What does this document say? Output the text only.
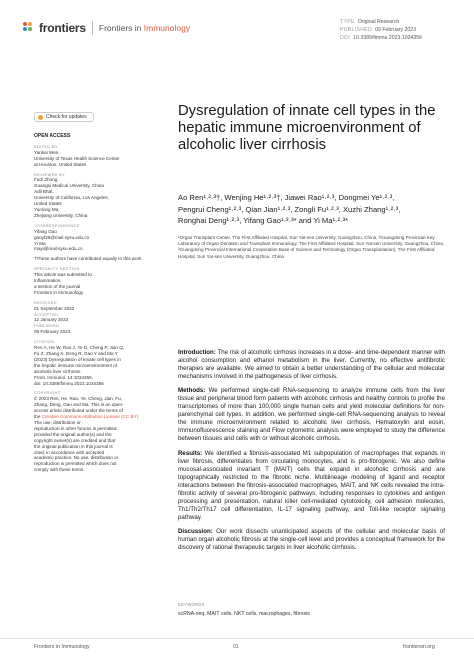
frontiers Frontiers in Immunology
TYPE Original Research
PUBLISHED 09 February 2023
DOI 10.3389/fimmu.2023.1034356
Check for updates
OPEN ACCESS
EDITED BY
Yankai Wen,
University of Texas Health Science Center
at Houston, United States
REVIEWED BY
Fudi Zhong,
Guangxi Medical University, China
Adil Bhat,
University of California, Los Angeles,
United States
Yunlong Ma,
Zhejiang University, China
*CORRESPONDENCE
Yifang Gao
gaoyf26@mail.sysu.edu.cn
Yi Ma
mayi@mail.sysu.edu.cn
†These authors have contributed equally to this work
SPECIALTY SECTION
This article was submitted to
Inflammation,
a section of the journal
Frontiers in Immunology
RECEIVED
01 September 2022
ACCEPTED
12 January 2023
PUBLISHED
09 February 2023
CITATION
Ren A, He W, Rao J, Ye D, Cheng P, Jian Q,
Fu Z, Zhang X, Deng R, Gao Y and Ma Y
(2023) Dysregulation of innate cell types in
the hepatic immune microenvironment of
alcoholic liver cirrhosis.
Front. Immunol. 14:1034356.
doi: 10.3389/fimmu.2023.1034356
COPYRIGHT
© 2023 Ren, He, Rao, Ye, Cheng, Jian, Fu,
Zhang, Deng, Gao and Ma. This is an open-
access article distributed under the terms of
the Creative Commons Attribution License (CC BY).
The use, distribution or
reproduction in other forums is permitted,
provided the original author(s) and the
copyright owner(s) are credited and that
the original publication in this journal is
cited, in accordance with accepted
academic practice. No use, distribution or
reproduction is permitted which does not
comply with these terms.
Dysregulation of innate cell types in the hepatic immune microenvironment of alcoholic liver cirrhosis
Ao Ren¹·²·³†, Wenjing He¹·²·³†, Jiawei Rao¹·²·³, Dongmei Ye¹·²·³,
Pengrui Cheng¹·²·³, Qian Jian¹·²·³, Zongli Fu¹·²·³, Xuzhi Zhang¹·²·³,
Ronghai Deng¹·²·³, Yifang Gao¹·²·³* and Yi Ma¹·²·³*
¹Organ Transplant Center, The First Affiliated Hospital, Sun Yat-sen University, Guangzhou, China, ²Guangdong Provincial Key Laboratory of Organ Donation and Transplant Immunology, The First Affiliated Hospital, Sun Yat-sen University, Guangzhou, China, ³Guangdong Provincial International Cooperation Base of Science and Technology (Organ Transplantation), The First Affiliated Hospital, Sun Yat-sen University, Guangzhou, China

Introduction: The risk of alcoholic cirrhosis increases in a dose- and time-dependent manner with alcohol consumption and ethanol metabolism in the liver. Currently, no effective antifibrotic therapies are available. We aimed to obtain a better understanding of the cellular and molecular mechanisms involved in the pathogenesis of liver cirrhosis.

Methods: We performed single-cell RNA-sequencing to analyze immune cells from the liver tissue and peripheral blood form patients with alcoholic cirrhosis and healthy controls to profile the transcriptomes of more than 100,000 single human cells and yield molecular definitions for non-parenchymal cell types. In addition, we performed single-cell RNA-sequencing analysis to reveal the immune microenvironment related to alcoholic liver cirrhosis. Hematoxylin and eosin, Immunofluorescence staining and Flow cytometric analysis were employed to study the difference between tissues and cells with or without alcoholic cirrhosis.

Results: We identified a fibrosis-associated M1 subpopulation of macrophages that expands in liver fibrosis, differentiates from circulating monocytes, and is pro-fibrogenic. We also define mucosal-associated invariant T (MAIT) cells that expand in alcoholic cirrhosis and are topographically restricted to the fibrotic niche. Multilineage modeling of ligand and receptor interactions between the fibrosis-associated macrophages, MAIT, and NK cells revealed the intra-fibrotic activity of several pro-fibrogenic pathways, including responses to cytokines and antigen processing and presentation, natural killer cell-mediated cytotoxicity, cell adhesion molecules, Th1/Th2/Th17 cell differentiation, IL-17 signaling pathway, and Toll-like receptor signaling pathway.

Discussion: Our work dissects unanticipated aspects of the cellular and molecular basis of human organ alcoholic fibrosis at the single-cell level and provides a conceptual framework for the discovery of rational therapeutic targets in liver alcoholic cirrhosis.

KEYWORDS
scRNA-seq, MAIT cells, NKT cells, macrophages, fibrosis
Frontiers in Immunology	01	frontiersin.org
